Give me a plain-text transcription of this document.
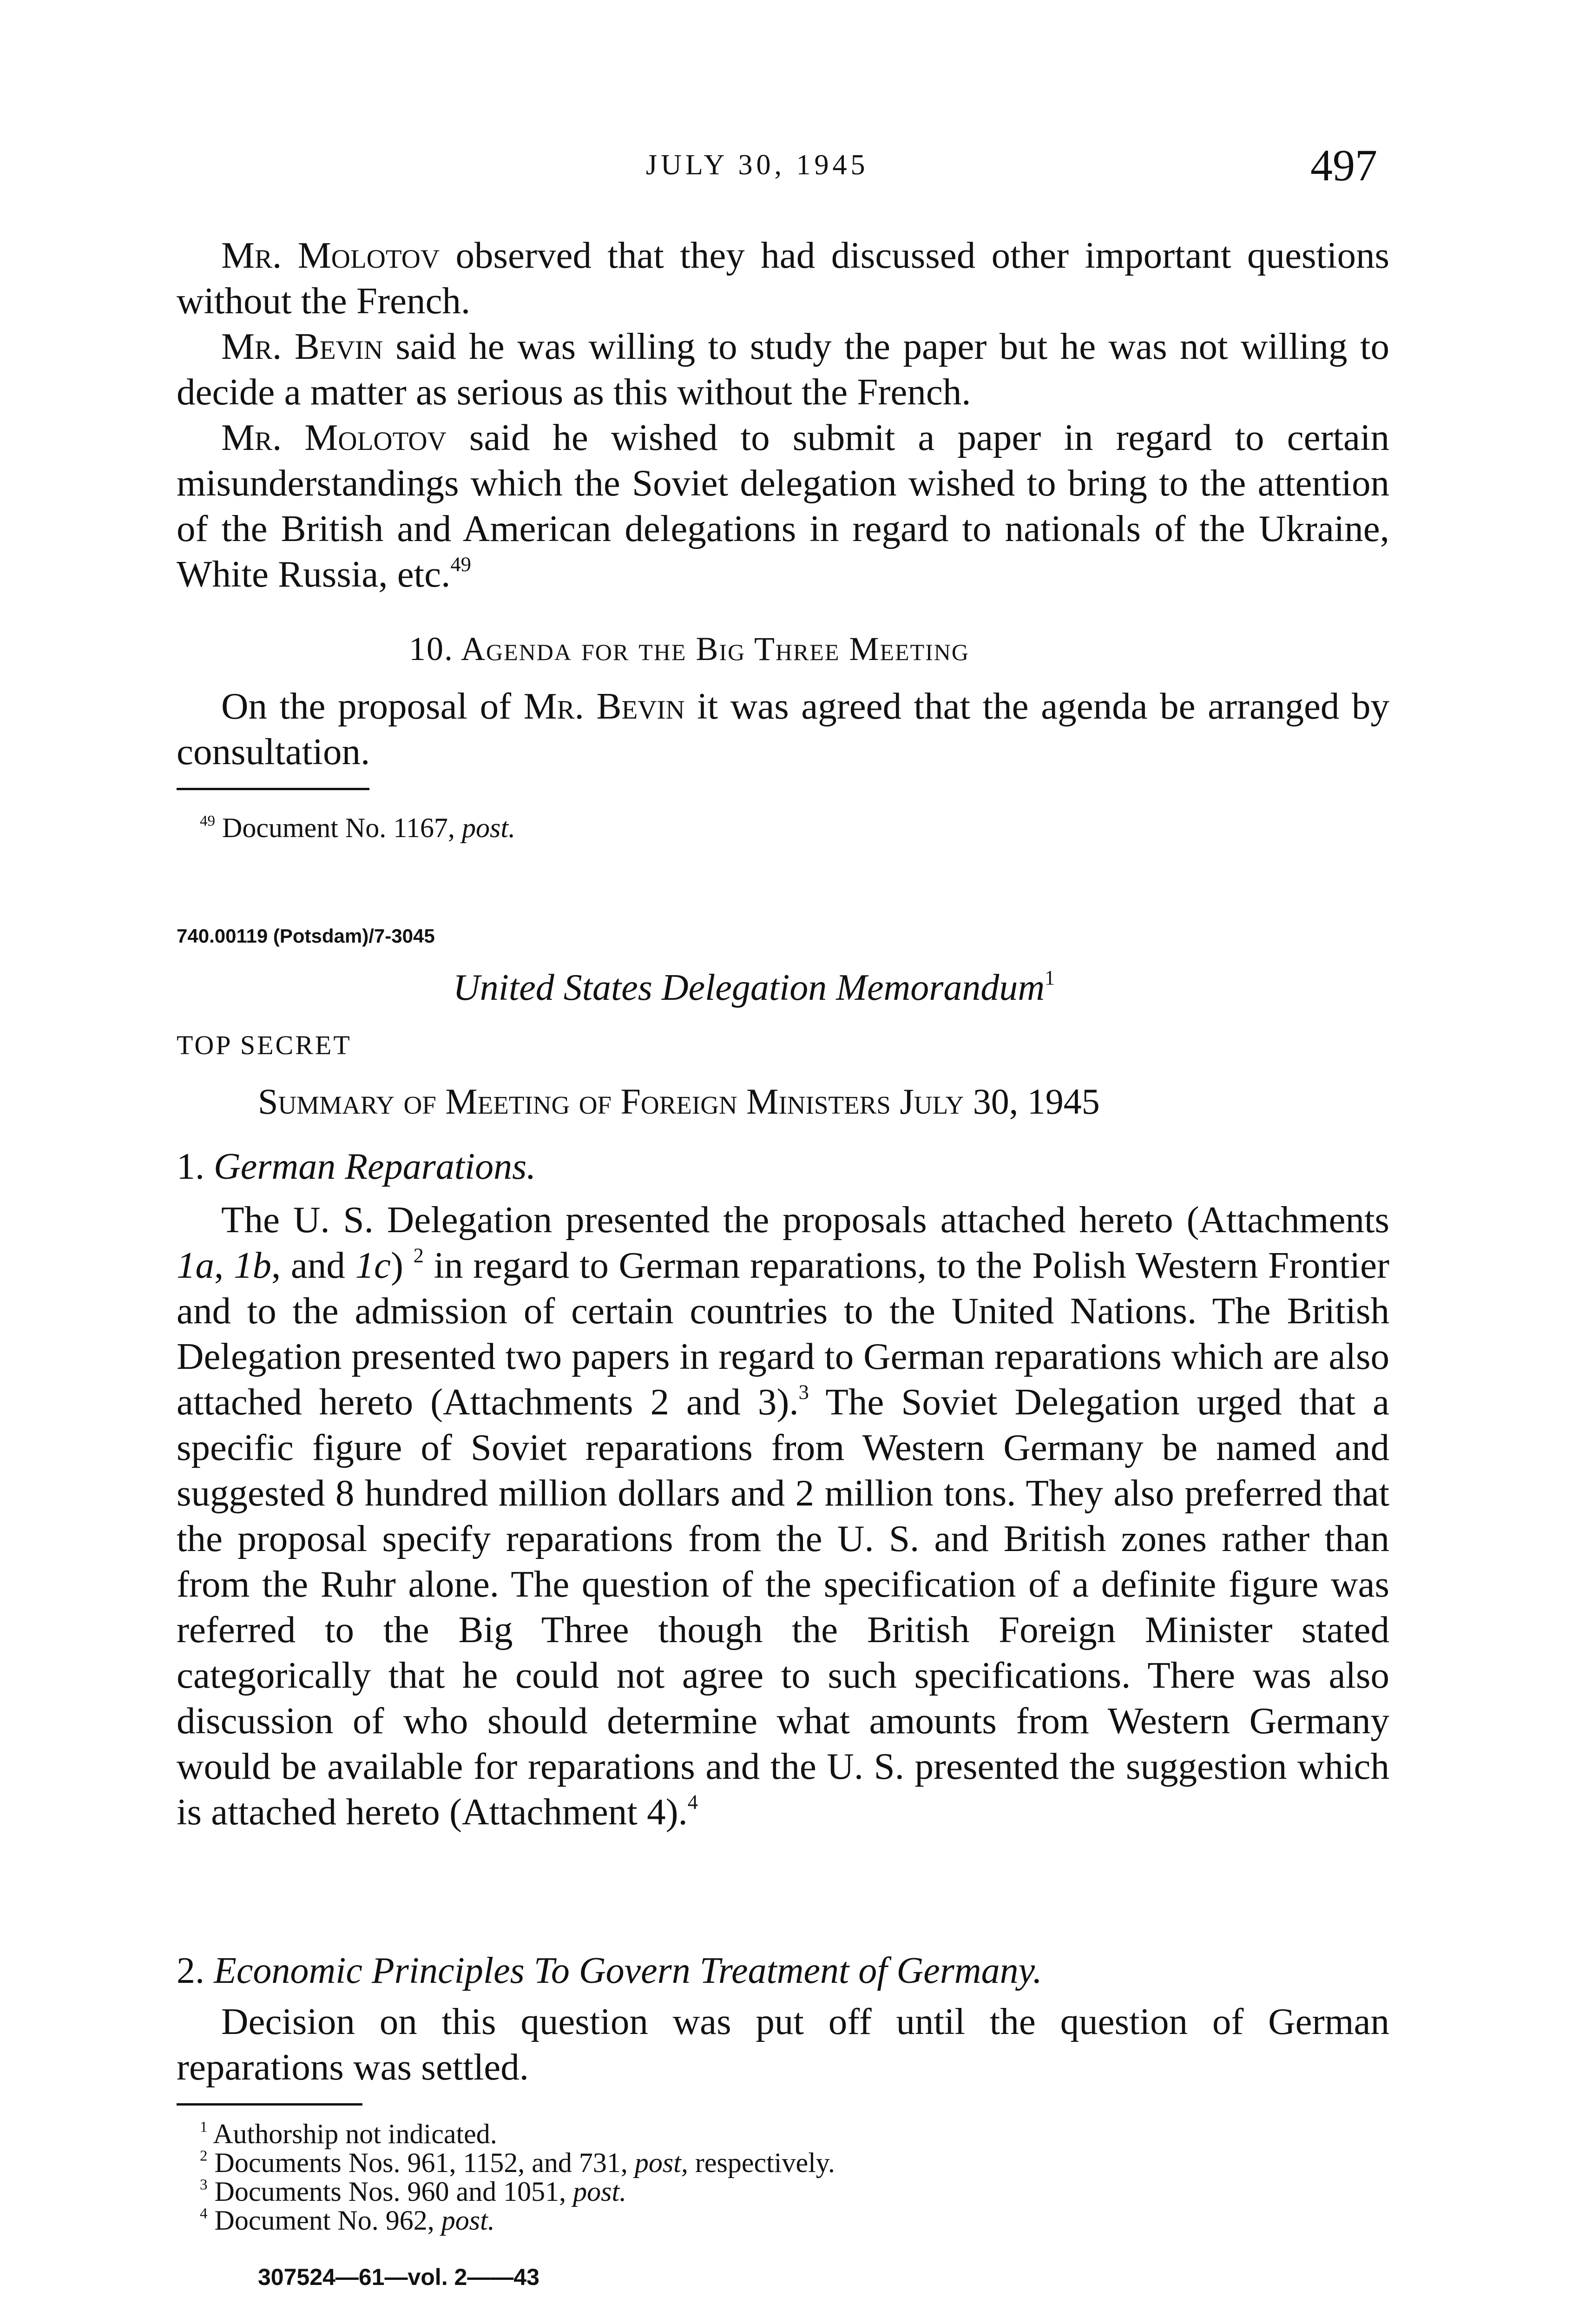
JULY 30, 1945	497

Mr. Molotov observed that they had discussed other important questions without the French.

Mr. Bevin said he was willing to study the paper but he was not willing to decide a matter as serious as this without the French.

Mr. Molotov said he wished to submit a paper in regard to certain misunderstandings which the Soviet delegation wished to bring to the attention of the British and American delegations in regard to nationals of the Ukraine, White Russia, etc.$^{49}$

10. Agenda for the Big Three Meeting

On the proposal of Mr. Bevin it was agreed that the agenda be arranged by consultation.

$^{49}$ Document No. 1167, post.
740.00119 (Potsdam)/7-3045
United States Delegation Memorandum$^1$
TOP SECRET
Summary of Meeting of Foreign Ministers July 30, 1945
1. German Reparations.

The U. S. Delegation presented the proposals attached hereto (Attachments 1a, 1b, and 1c) $^2$ in regard to German reparations, to the Polish Western Frontier and to the admission of certain countries to the United Nations. The British Delegation presented two papers in regard to German reparations which are also attached hereto (Attachments 2 and 3).$^3$ The Soviet Delegation urged that a specific figure of Soviet reparations from Western Germany be named and suggested 8 hundred million dollars and 2 million tons. They also preferred that the proposal specify reparations from the U. S. and British zones rather than from the Ruhr alone. The question of the specification of a definite figure was referred to the Big Three though the British Foreign Minister stated categorically that he could not agree to such specifications. There was also discussion of who should determine what amounts from Western Germany would be available for reparations and the U. S. presented the suggestion which is attached hereto (Attachment 4).$^4$

2. Economic Principles To Govern Treatment of Germany.

Decision on this question was put off until the question of German reparations was settled.

$^1$ Authorship not indicated.
$^2$ Documents Nos. 961, 1152, and 731, post, respectively.
$^3$ Documents Nos. 960 and 1051, post.
$^4$ Document No. 962, post.
307524—61—vol. 2——43
